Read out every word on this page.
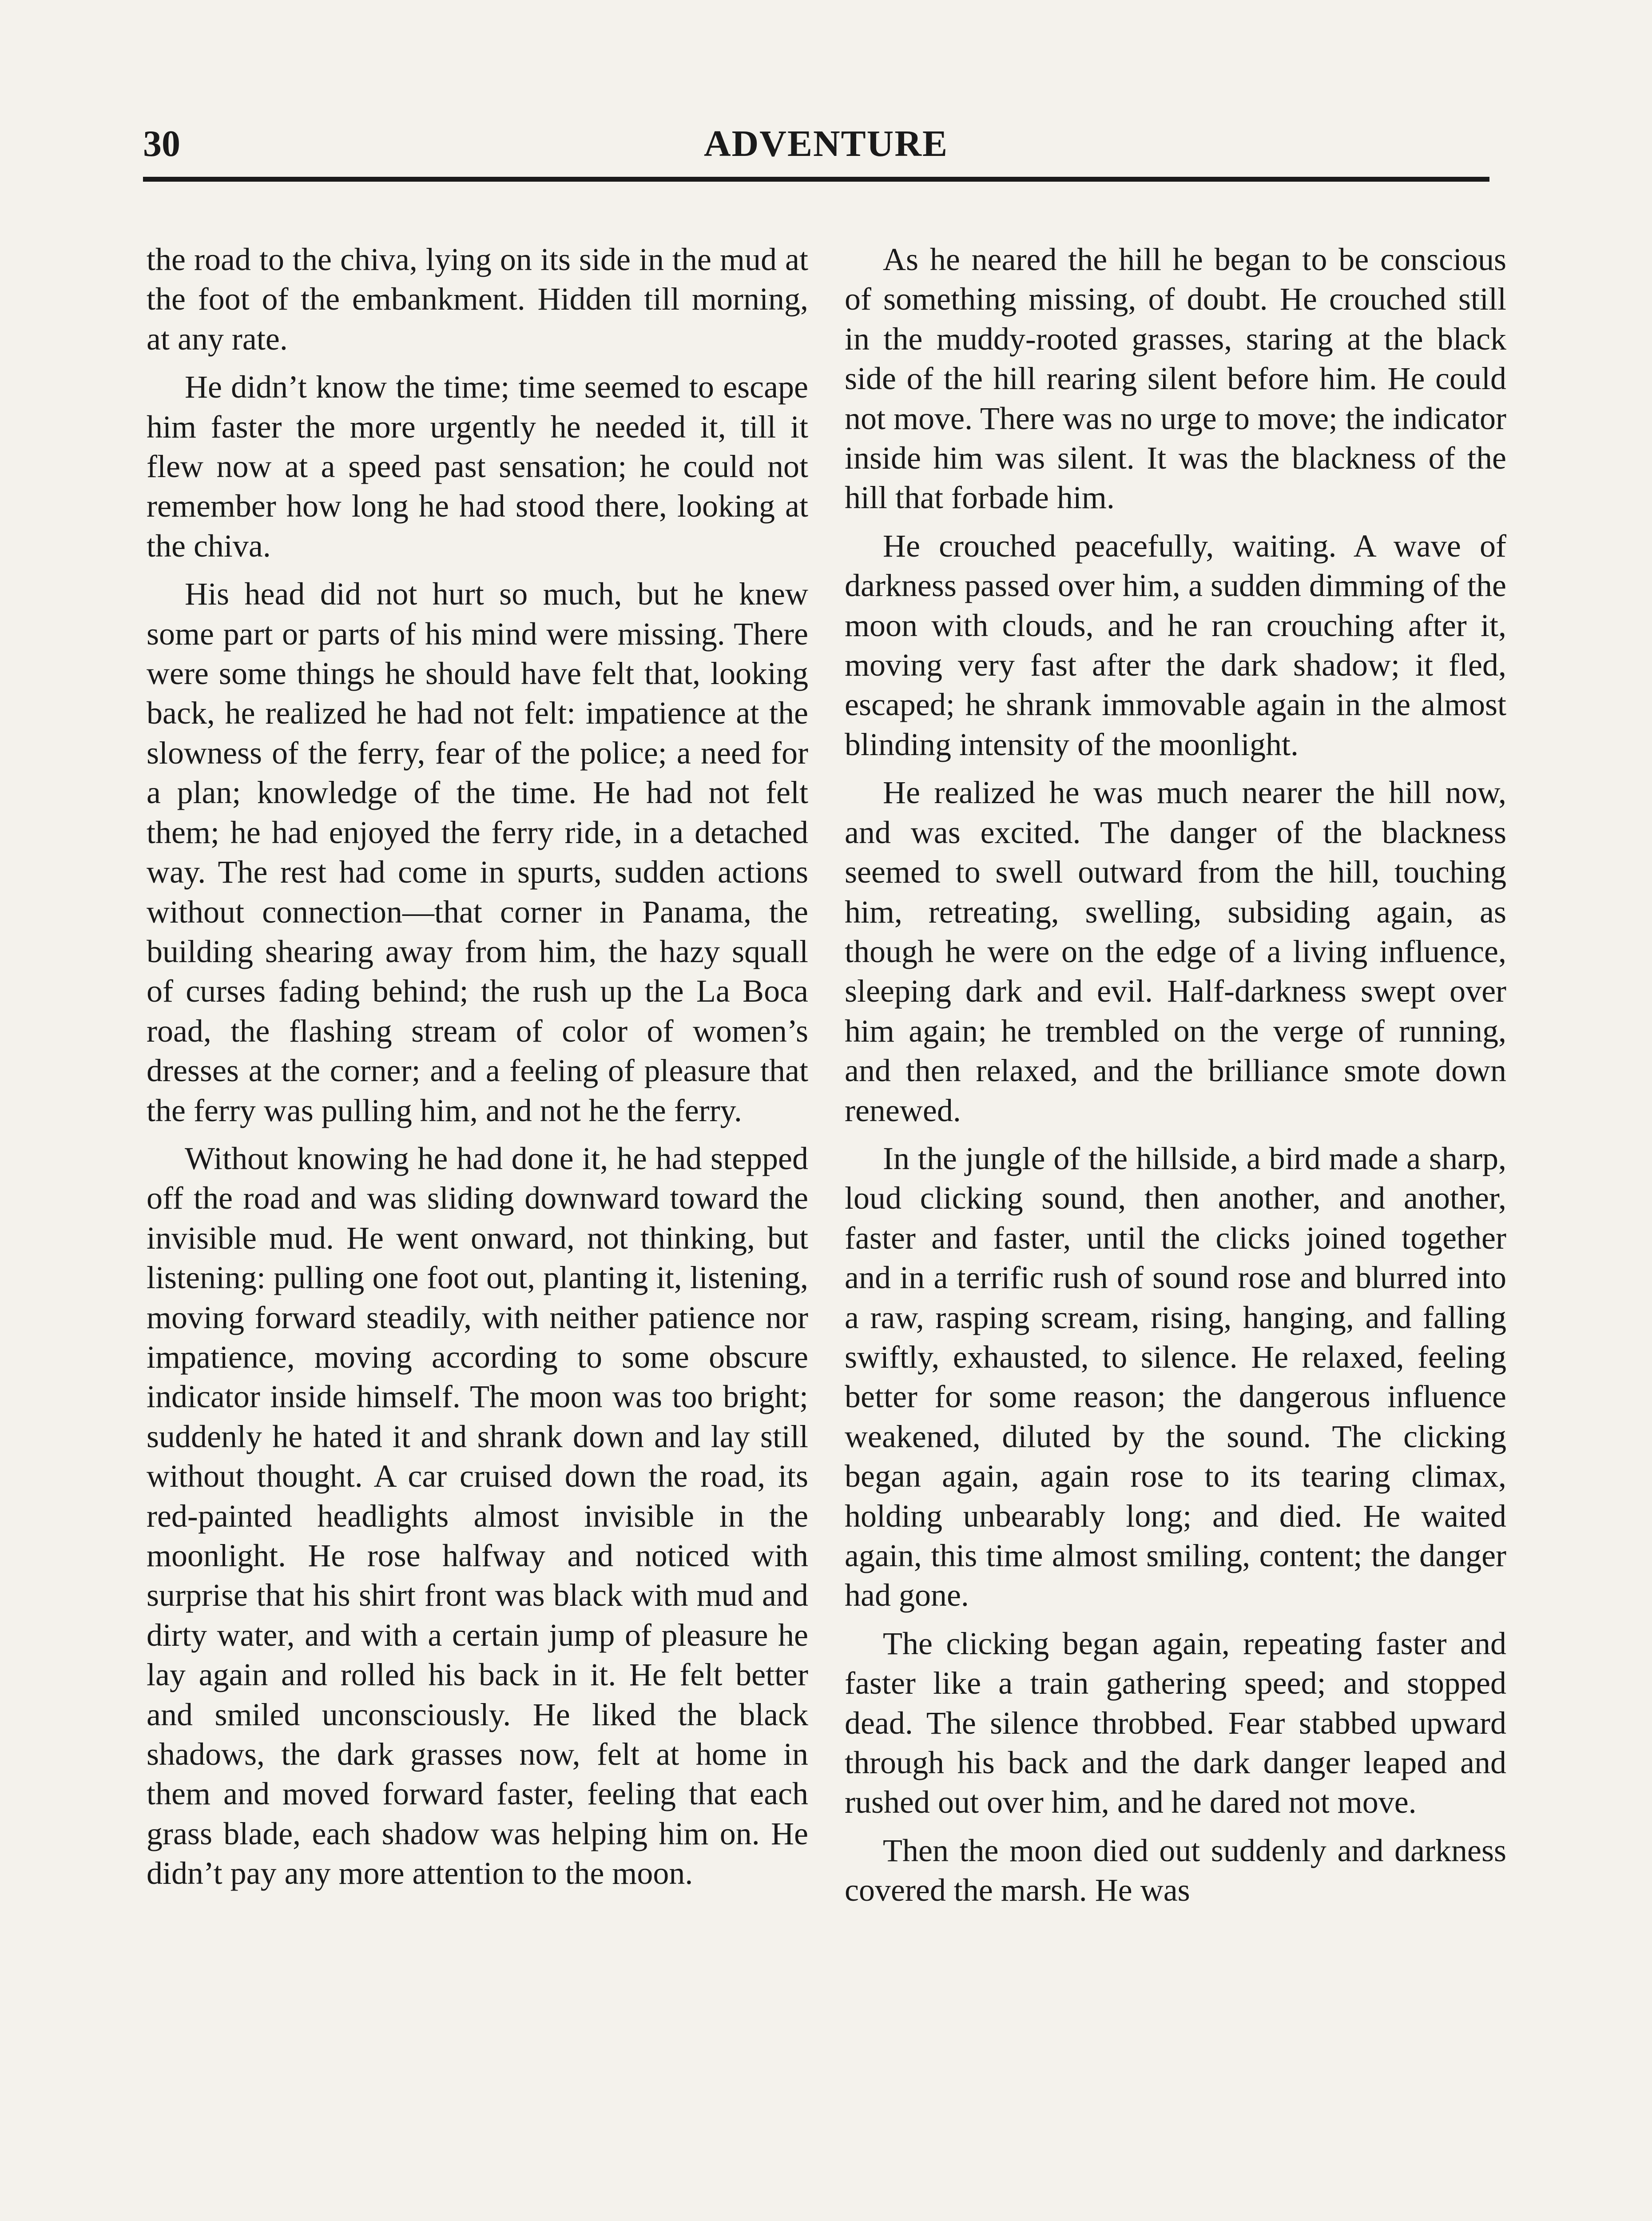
30	ADVENTURE

the road to the chiva, lying on its side in the mud at the foot of the embankment. Hidden till morning, at any rate.

He didn’t know the time; time seemed to escape him faster the more urgently he needed it, till it flew now at a speed past sensation; he could not remember how long he had stood there, looking at the chiva.

His head did not hurt so much, but he knew some part or parts of his mind were missing. There were some things he should have felt that, looking back, he realized he had not felt: impatience at the slowness of the ferry, fear of the police; a need for a plan; knowledge of the time. He had not felt them; he had enjoyed the ferry ride, in a detached way. The rest had come in spurts, sudden actions without connection—that corner in Panama, the building shearing away from him, the hazy squall of curses fading behind; the rush up the La Boca road, the flashing stream of color of women’s dresses at the corner; and a feeling of pleasure that the ferry was pulling him, and not he the ferry.

Without knowing he had done it, he had stepped off the road and was sliding downward toward the invisible mud. He went onward, not thinking, but listening: pulling one foot out, planting it, listening, moving forward steadily, with neither patience nor impatience, moving according to some obscure indicator inside himself. The moon was too bright; suddenly he hated it and shrank down and lay still without thought. A car cruised down the road, its red-painted headlights almost invisible in the moonlight. He rose halfway and noticed with surprise that his shirt front was black with mud and dirty water, and with a certain jump of pleasure he lay again and rolled his back in it. He felt better and smiled unconsciously. He liked the black shadows, the dark grasses now, felt at home in them and moved forward faster, feeling that each grass blade, each shadow was helping him on. He didn’t pay any more attention to the moon.

As he neared the hill he began to be conscious of something missing, of doubt. He crouched still in the muddy-rooted grasses, staring at the black side of the hill rearing silent before him. He could not move. There was no urge to move; the indicator inside him was silent. It was the blackness of the hill that forbade him.

He crouched peacefully, waiting. A wave of darkness passed over him, a sudden dimming of the moon with clouds, and he ran crouching after it, moving very fast after the dark shadow; it fled, escaped; he shrank immovable again in the almost blinding intensity of the moonlight.

He realized he was much nearer the hill now, and was excited. The danger of the blackness seemed to swell outward from the hill, touching him, retreating, swelling, subsiding again, as though he were on the edge of a living influence, sleeping dark and evil. Half-darkness swept over him again; he trembled on the verge of running, and then relaxed, and the brilliance smote down renewed.

In the jungle of the hillside, a bird made a sharp, loud clicking sound, then another, and another, faster and faster, until the clicks joined together and in a terrific rush of sound rose and blurred into a raw, rasping scream, rising, hanging, and falling swiftly, exhausted, to silence. He relaxed, feeling better for some reason; the dangerous influence weakened, diluted by the sound. The clicking began again, again rose to its tearing climax, holding unbearably long; and died. He waited again, this time almost smiling, content; the danger had gone.

The clicking began again, repeating faster and faster like a train gathering speed; and stopped dead. The silence throbbed. Fear stabbed upward through his back and the dark danger leaped and rushed out over him, and he dared not move.

Then the moon died out suddenly and darkness covered the marsh. He was
